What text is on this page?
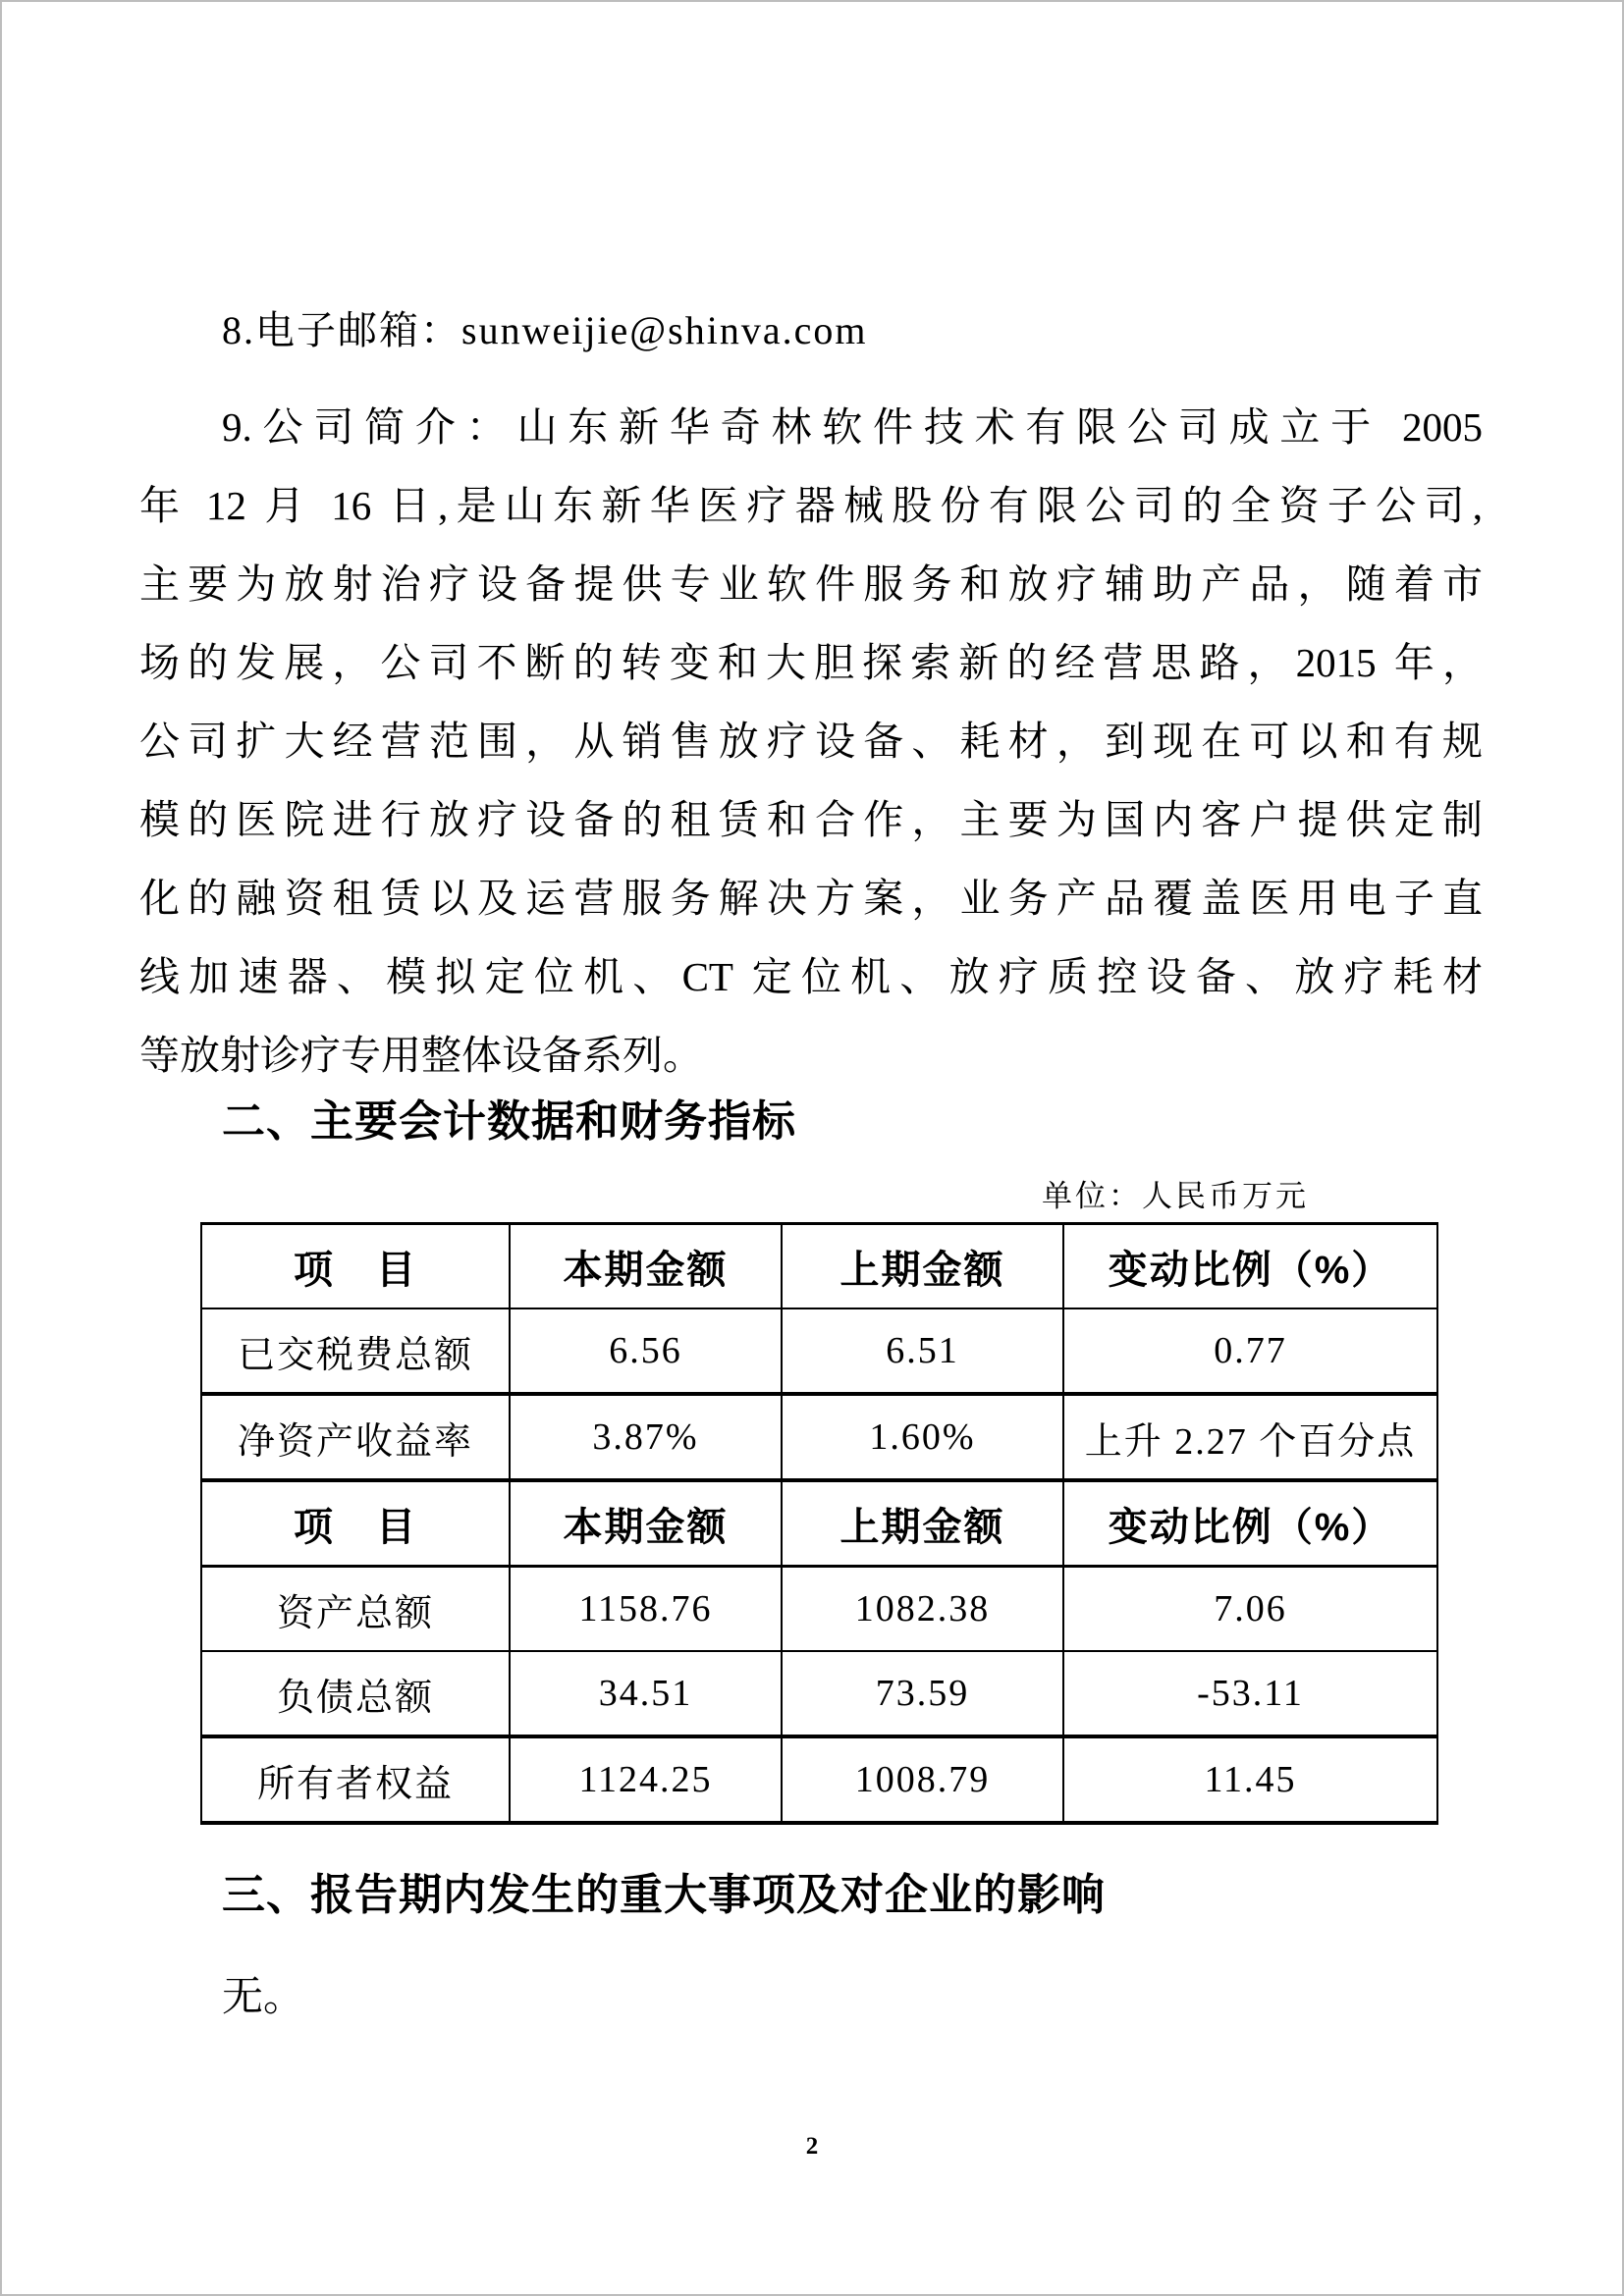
8.电子邮箱：sunweijie@shinva.com
9.公司简介：山东新华奇林软件技术有限公司成立于 2005
年 12 月 16 日,是山东新华医疗器械股份有限公司的全资子公司,
主要为放射治疗设备提供专业软件服务和放疗辅助产品，随着市
场的发展，公司不断的转变和大胆探索新的经营思路，2015 年，
公司扩大经营范围，从销售放疗设备、耗材，到现在可以和有规
模的医院进行放疗设备的租赁和合作，主要为国内客户提供定制
化的融资租赁以及运营服务解决方案，业务产品覆盖医用电子直
线加速器、模拟定位机、CT 定位机、放疗质控设备、放疗耗材
等放射诊疗专用整体设备系列。
二、主要会计数据和财务指标
单位：人民币万元
项　目	本期金额	上期金额	变动比例（%）
已交税费总额	6.56	6.51	0.77
净资产收益率	3.87%	1.60%	上升 2.27 个百分点
项　目	本期金额	上期金额	变动比例（%）
资产总额	1158.76	1082.38	7.06
负债总额	34.51	73.59	-53.11
所有者权益	1124.25	1008.79	11.45
三、报告期内发生的重大事项及对企业的影响
无。
2
